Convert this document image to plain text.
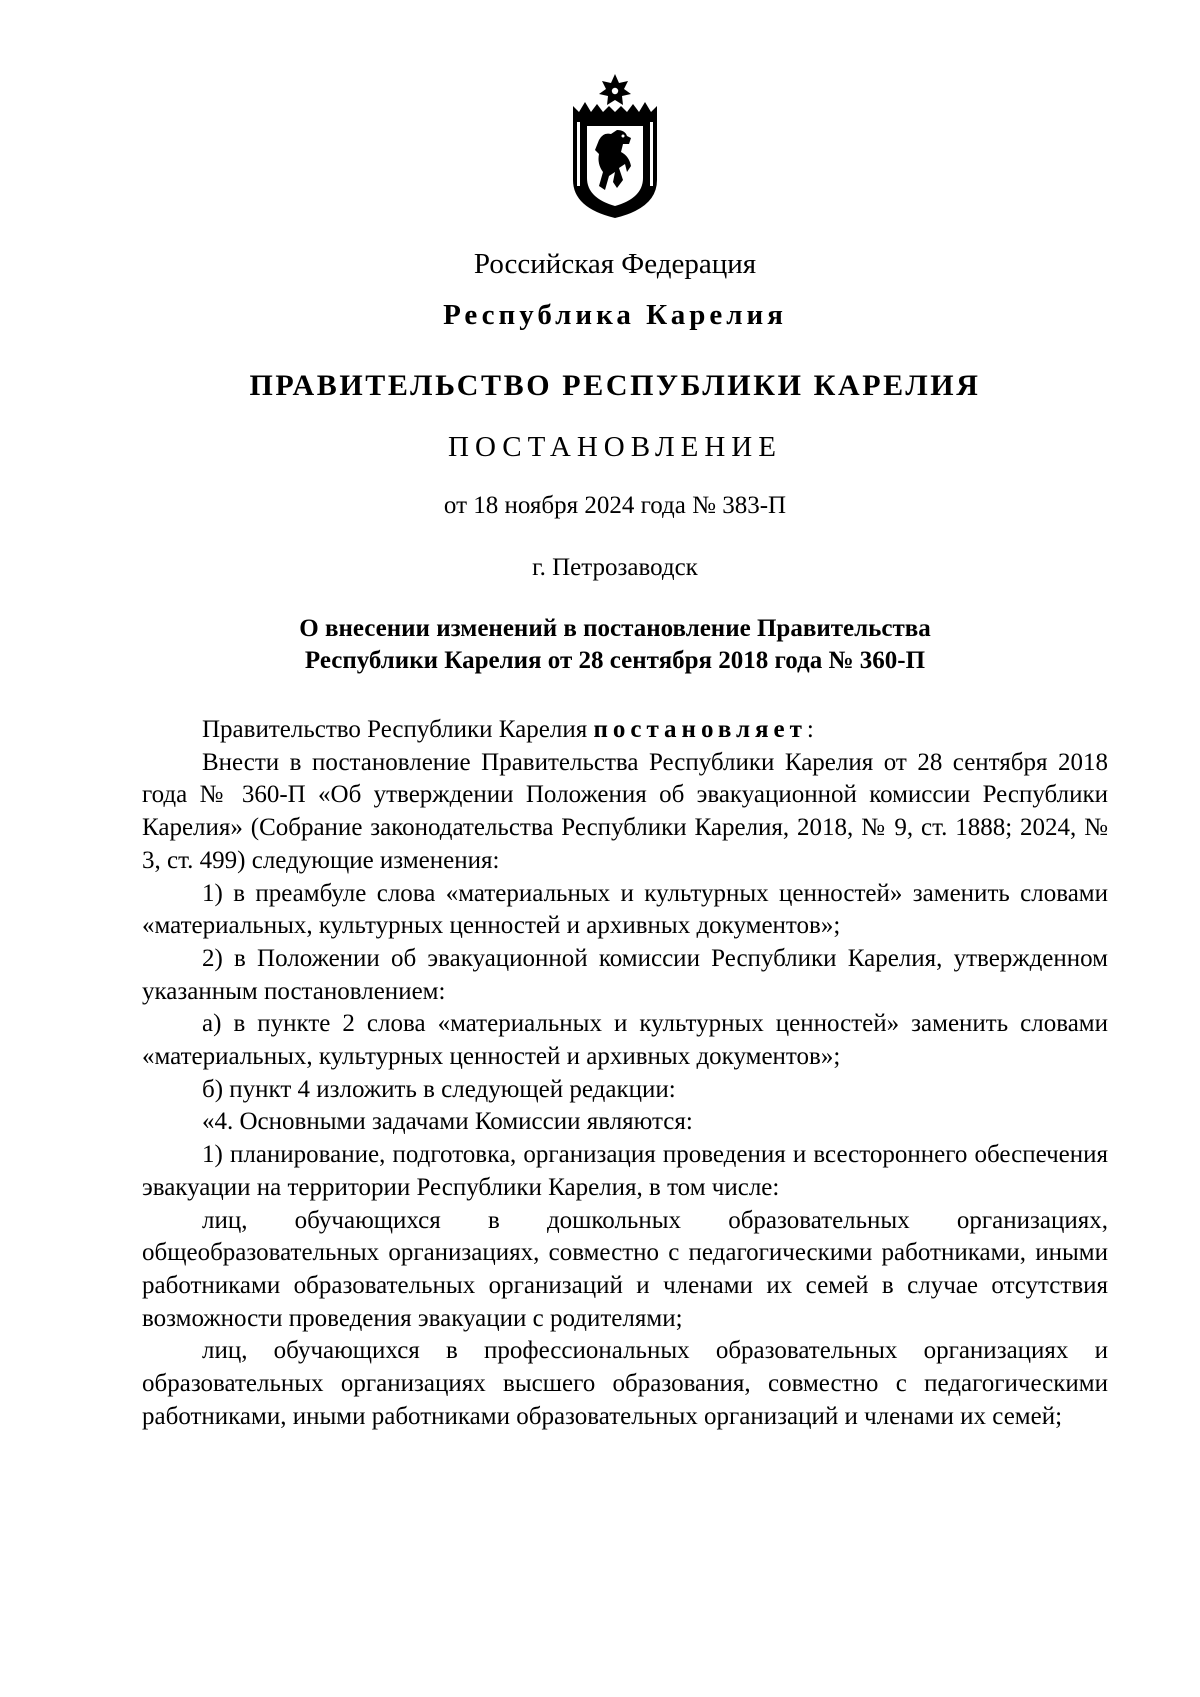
Российская Федерация
Республика Карелия
ПРАВИТЕЛЬСТВО РЕСПУБЛИКИ КАРЕЛИЯ
ПОСТАНОВЛЕНИЕ
от 18 ноября 2024 года № 383-П
г. Петрозаводск
О внесении изменений в постановление Правительства
Республики Карелия от 28 сентября 2018 года № 360-П

Правительство Республики Карелия постановляет:

Внести в постановление Правительства Республики Карелия от 28 сентября 2018 года № 360-П «Об утверждении Положения об эвакуационной комиссии Республики Карелия» (Собрание законодательства Республики Карелия, 2018, № 9, ст. 1888; 2024, № 3, ст. 499) следующие изменения:

1) в преамбуле слова «материальных и культурных ценностей» заменить словами «материальных, культурных ценностей и архивных документов»;

2) в Положении об эвакуационной комиссии Республики Карелия, утвержденном указанным постановлением:

а) в пункте 2 слова «материальных и культурных ценностей» заменить словами «материальных, культурных ценностей и архивных документов»;

б) пункт 4 изложить в следующей редакции:

«4. Основными задачами Комиссии являются:

1) планирование, подготовка, организация проведения и всестороннего обеспечения эвакуации на территории Республики Карелия, в том числе:

лиц, обучающихся в дошкольных образовательных организациях, общеобразовательных организациях, совместно с педагогическими работниками, иными работниками образовательных организаций и членами их семей в случае отсутствия возможности проведения эвакуации с родителями;

лиц, обучающихся в профессиональных образовательных организациях и образовательных организациях высшего образования, совместно с педагогическими работниками, иными работниками образовательных организаций и членами их семей;
